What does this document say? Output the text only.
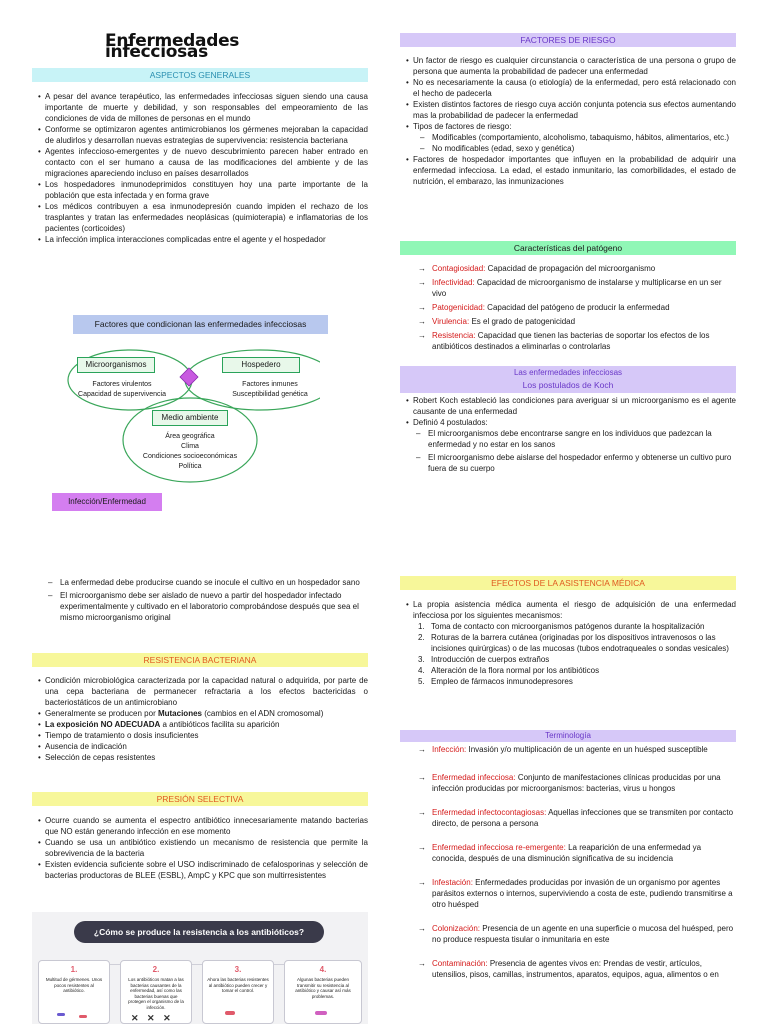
Enfermedades infecciosas
ASPECTOS GENERALES
• A pesar del avance terapéutico, las enfermedades infecciosas siguen siendo una causa importante de muerte y debilidad, y son responsables del empeoramiento de las condiciones de vida de millones de personas en el mundo
• Conforme se optimizaron agentes antimicrobianos los gérmenes mejoraban la capacidad de aludirlos y desarrollan nuevas estrategias de supervivencia: resistencia bacteriana
• Agentes infeccioso-emergentes y de nuevo descubrimiento parecen haber entrado en contacto con el ser humano a causa de las modificaciones del ambiente y de las migraciones apareciendo incluso en países desarrollados
• Los hospedadores inmunodeprimidos constituyen hoy una parte importante de la población que esta infectada y en forma grave
• Los médicos contribuyen a esa inmunodepresión cuando impiden el rechazo de los trasplantes y tratan las enfermedades neoplásicas (quimioterapia) e inflamatorias de los pacientes (corticoides)
• La infección implica interacciones complicadas entre el agente y el hospedador
Factores que condicionan las enfermedades infecciosas
Microorganismos
Factores virulentos
Capacidad de supervivencia
Hospedero
Factores inmunes
Susceptibilidad genética
Medio ambiente
Área geográfica
Clima
Condiciones socioeconómicas
Política
Infección/Enfermedad
FACTORES DE RIESGO
• Un factor de riesgo es cualquier circunstancia o característica de una persona o grupo de persona que aumenta la probabilidad de padecer una enfermedad
• No es necesariamente la causa (o etiología) de la enfermedad, pero está relacionado con el hecho de padecerla
• Existen distintos factores de riesgo cuya acción conjunta potencia sus efectos aumentando mas la probabilidad de padecer la enfermedad
• Tipos de factores de riesgo:
– Modificables (comportamiento, alcoholismo, tabaquismo, hábitos, alimentarios, etc.)
– No modificables (edad, sexo y genética)
• Factores de hospedador importantes que influyen en la probabilidad de adquirir una enfermedad infecciosa. La edad, el estado inmunitario, las comorbilidades, el estado de nutrición, el embarazo, las inmunizaciones
Características del patógeno
→ Contagiosidad: Capacidad de propagación del microorganismo
→ Infectividad: Capacidad de microorganismo de instalarse y multiplicarse en un ser vivo
→ Patogenicidad: Capacidad del patógeno de producir la enfermedad
→ Virulencia: Es el grado de patogenicidad
→ Resistencia: Capacidad que tienen las bacterias de soportar los efectos de los antibióticos destinados a eliminarlas o controlarlas
Las enfermedades infecciosas
Los postulados de Koch
• Robert Koch estableció las condiciones para averiguar si un microorganismo es el agente causante de una enfermedad
• Definió 4 postulados:
– El microorganismos debe encontrarse sangre en los individuos que padezcan la enfermedad y no estar en los sanos
– El microorganismo debe aislarse del hospedador enfermo y obtenerse un cultivo puro fuera de su cuerpo
– La enfermedad debe producirse cuando se inocule el cultivo en un hospedador sano
– El microorganismo debe ser aislado de nuevo a partir del hospedador infectado experimentalmente y cultivado en el laboratorio comprobándose después que sea el mismo microorganismo original
RESISTENCIA BACTERIANA
• Condición microbiológica caracterizada por la capacidad natural o adquirida, por parte de una cepa bacteriana de permanecer refractaria a los efectos bactericidas o bacteriostáticos de un antimicrobiano
• Generalmente se producen por Mutaciones (cambios en el ADN cromosomal)
• La exposición NO ADECUADA a antibióticos facilita su aparición
• Tiempo de tratamiento o dosis insuficientes
• Ausencia de indicación
• Selección de cepas resistentes
PRESIÓN SELECTIVA
• Ocurre cuando se aumenta el espectro antibiótico innecesariamente matando bacterias que NO están generando infección en ese momento
• Cuando se usa un antibiótico existiendo un mecanismo de resistencia que permite la sobrevivencia de la bacteria
• Existen evidencia suficiente sobre el USO indiscriminado de cefalosporinas y selección de bacterias productoras de BLEE (ESBL), AmpC y KPC que son multirresistentes
¿Cómo se produce la resistencia a los antibióticos?
1.
Multitud de gérmenes. Unos pocos resistentes al antibiótico.
2.
Los antibióticos matan a las bacterias causantes de la enfermedad, así como las bacterias buenas que protegen el organismo de la infección.
✕ ✕ ✕
3.
Ahora las bacterias resistentes al antibiótico pueden crecer y tomar el control.
4.
Algunas bacterias pueden transmitir su resistencia al antibiótico y causar así más problemas.
EFECTOS DE LA ASISTENCIA MÉDICA
• La propia asistencia médica aumenta el riesgo de adquisición de una enfermedad infecciosa por los siguientes mecanismos:
1. Toma de contacto con microorganismos patógenos durante la hospitalización
2. Roturas de la barrera cutánea (originadas por los dispositivos intravenosos o las incisiones quirúrgicas) o de las mucosas (tubos endotraqueales o sondas vesicales)
3. Introducción de cuerpos extraños
4. Alteración de la flora normal por los antibióticos
5. Empleo de fármacos inmunodepresores
Terminología
→ Infección: Invasión y/o multiplicación de un agente en un huésped susceptible
→ Enfermedad infecciosa: Conjunto de manifestaciones clínicas producidas por una infección producidas por microorganismos: bacterias, virus u hongos
→ Enfermedad infectocontagiosas: Aquellas infecciones que se transmiten por contacto directo, de persona a persona
→ Enfermedad infecciosa re-emergente: La reaparición de una enfermedad ya conocida, después de una disminución significativa de su incidencia
→ Infestación: Enfermedades producidas por invasión de un organismo por agentes parásitos externos o internos, superviviendo a costa de este, pudiendo transmitirse a otro huésped
→ Colonización: Presencia de un agente en una superficie o mucosa del huésped, pero no produce respuesta tisular o inmunitaria en este
→ Contaminación: Presencia de agentes vivos en: Prendas de vestir, artículos, utensilios, pisos, camillas, instrumentos, aparatos, equipos, agua, alimentos o en
